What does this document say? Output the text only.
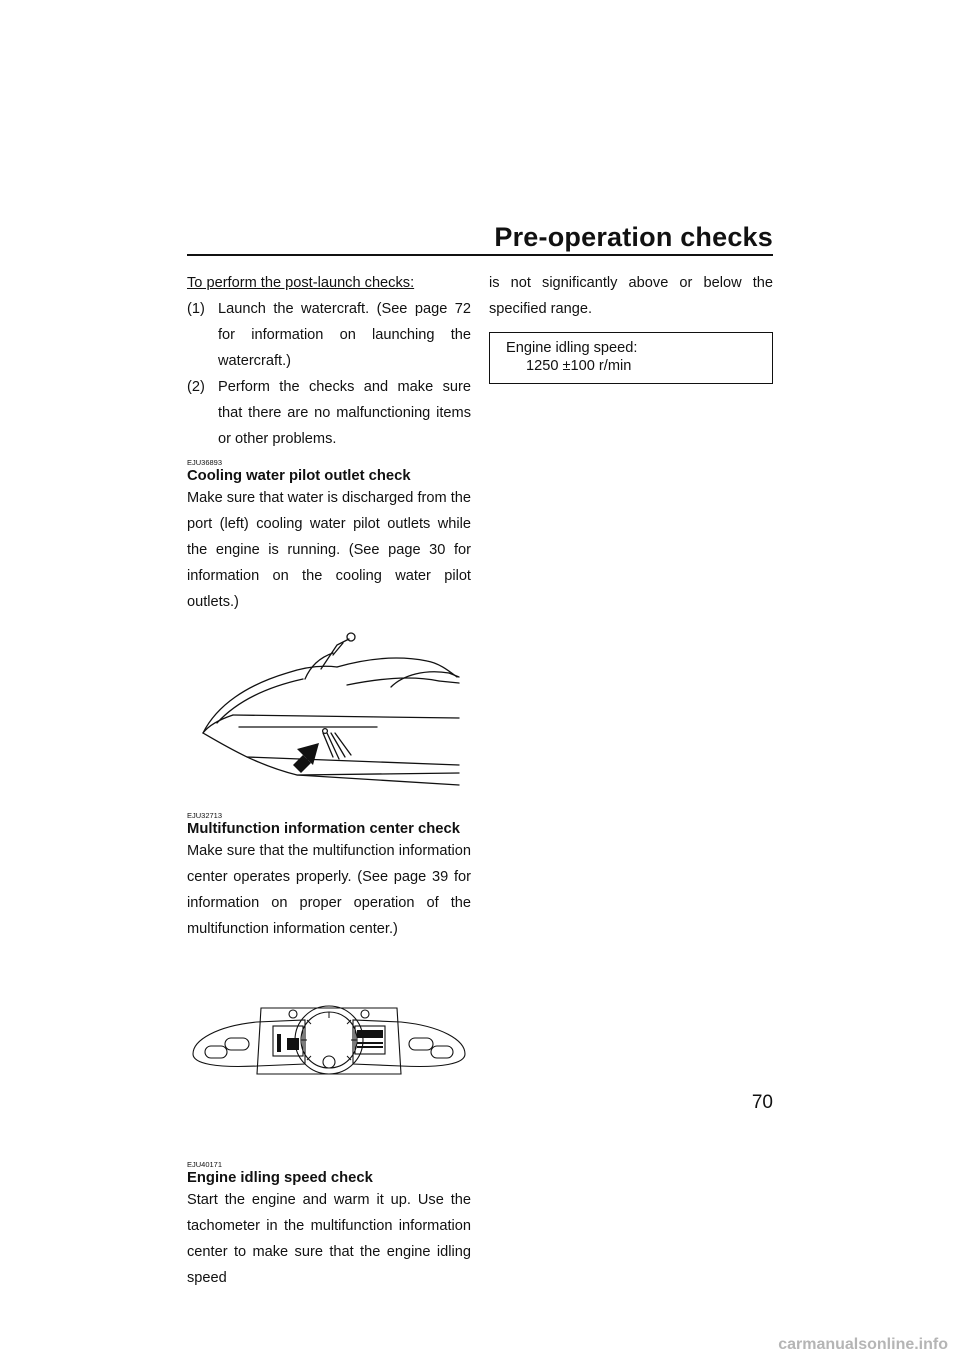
Pre-operation checks
To perform the post-launch checks:
(1) Launch the watercraft. (See page 72 for information on launching the watercraft.)
(2) Perform the checks and make sure that there are no malfunctioning items or other problems.
EJU36893
Cooling water pilot outlet check
Make sure that water is discharged from the port (left) cooling water pilot outlets while the engine is running. (See page 30 for information on the cooling water pilot outlets.)
EJU32713
Multifunction information center check
Make sure that the multifunction information center operates properly. (See page 39 for information on proper operation of the multifunction information center.)
EJU40171
Engine idling speed check
Start the engine and warm it up. Use the tachometer in the multifunction information center to make sure that the engine idling speed
is not significantly above or below the specified range.
Engine idling speed:
1250 ±100 r/min
70
carmanualsonline.info
